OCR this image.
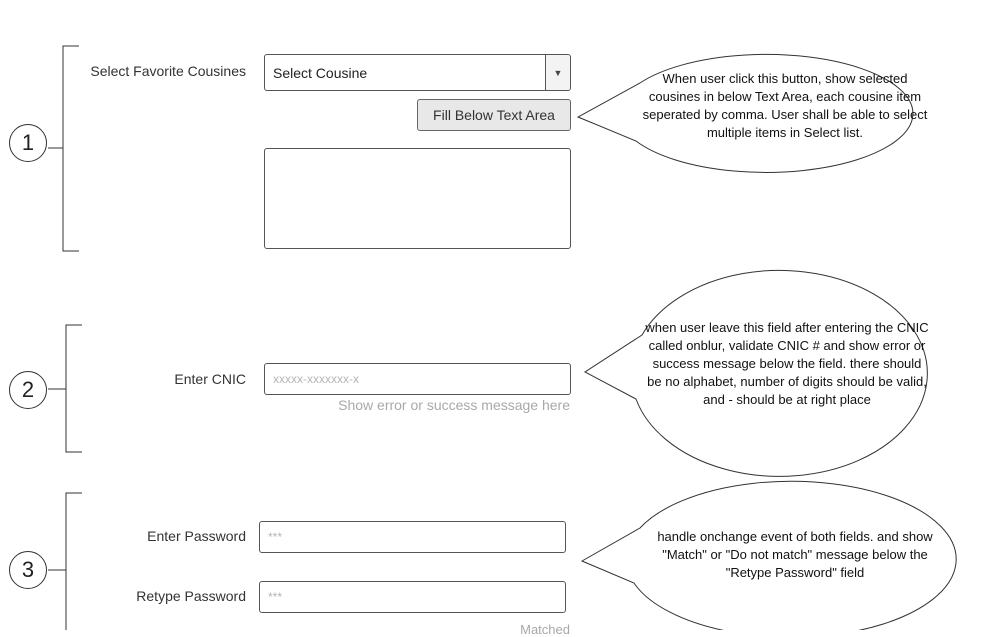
1
2
3
Select Favorite Cousines Select Cousine	▼
Fill Below Text Area
When user click this button, show selected cousines in below Text Area, each cousine item seperated by comma. User shall be able to select multiple items in Select list.
Enter CNIC xxxxx-xxxxxxx-x
Show error or success message here
when user leave this field after entering the CNIC called onblur, validate CNIC # and show error or success message below the field. there should be no alphabet, number of digits should be valid, and - should be at right place
Enter Password ***
Retype Password ***
Matched
handle onchange event of both fields. and show "Match" or "Do not match" message below the "Retype Password" field
